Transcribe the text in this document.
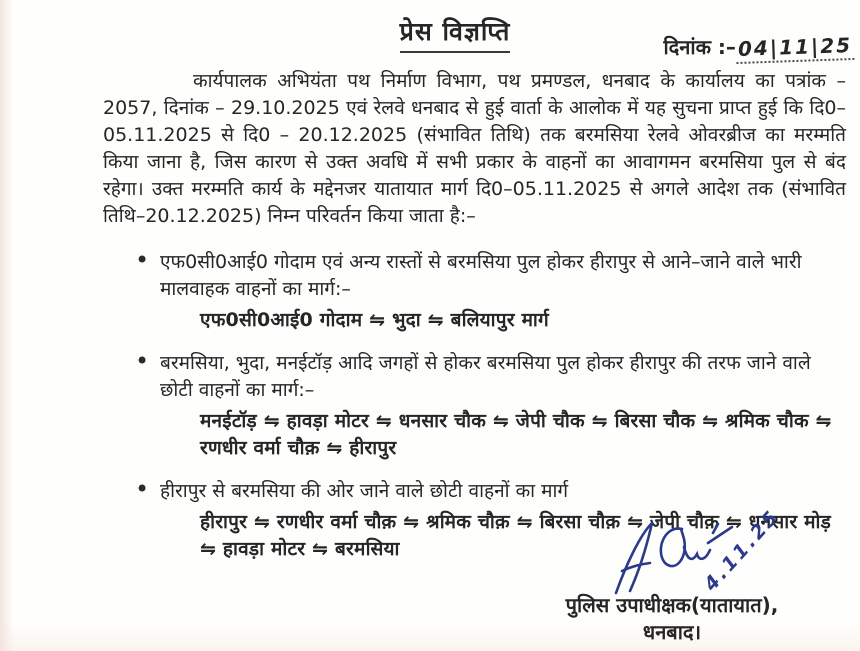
प्रेस विज्ञप्ति
दिनांक :–04|11|25

कार्यपालक अभियंता पथ निर्माण विभाग, पथ प्रमण्डल, धनबाद के कार्यालय का पत्रांक –2057, दिनांक – 29.10.2025 एवं रेलवे धनबाद से हुई वार्ता के आलोक में यह सुचना प्राप्त हुई कि दि0–05.11.2025 से दि0 – 20.12.2025 (संभावित तिथि) तक बरमसिया रेलवे ओवरब्रीज का मरम्मति किया जाना है, जिस कारण से उक्त अवधि में सभी प्रकार के वाहनों का आवागमन बरमसिया पुल से बंद रहेगा। उक्त मरम्मति कार्य के मद्देनजर यातायात मार्ग दि0–05.11.2025 से अगले आदेश तक (संभावित तिथि–20.12.2025) निम्न परिवर्तन किया जाता है:–

• एफ0सी0आई0 गोदाम एवं अन्य रास्तों से बरमसिया पुल होकर हीरापुर से आने–जाने वाले भारी मालवाहक वाहनों का मार्ग:–
एफ0सी0आई0 गोदाम ⇋ भुदा ⇋ बलियापुर मार्ग
• बरमसिया, भुदा, मनईटॉड़ आदि जगहों से होकर बरमसिया पुल होकर हीरापुर की तरफ जाने वाले छोटी वाहनों का मार्ग:–
मनईटॉड़ ⇋ हावड़ा मोटर ⇋ धनसार चौक ⇋ जेपी चौक ⇋ बिरसा चौक ⇋ श्रमिक चौक ⇋ रणधीर वर्मा चौक़ ⇋ हीरापुर
• हीरापुर से बरमसिया की ओर जाने वाले छोटी वाहनों का मार्ग
हीरापुर ⇋ रणधीर वर्मा चौक़ ⇋ श्रमिक चौक़ ⇋ बिरसा चौक़ ⇋ जेपी चौक़ ⇋ धनसार मोड़ ⇋ हावड़ा मोटर ⇋ बरमसिया	4.11.25
पुलिस उपाधीक्षक(यातायात),
धनबाद।
